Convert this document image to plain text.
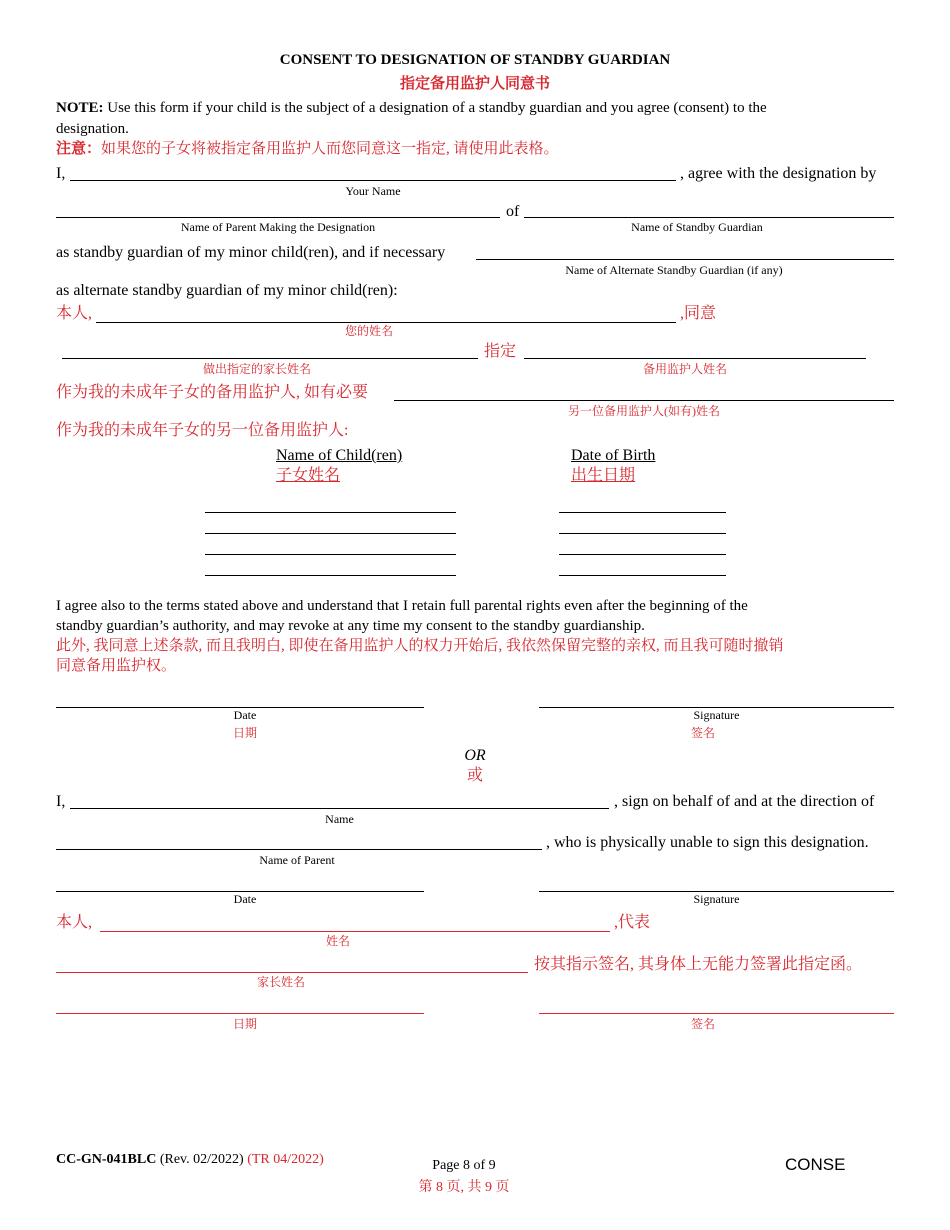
CONSENT TO DESIGNATION OF STANDBY GUARDIAN
指定备用监护人同意书
NOTE: Use this form if your child is the subject of a designation of a standby guardian and you agree (consent) to the
designation.
注意：如果您的子女将被指定备用监护人而您同意这一指定, 请使用此表格。
I,	, agree with the designation by
Your Name
of
Name of Parent Making the Designation	Name of Standby Guardian
as standby guardian of my minor child(ren), and if necessary
Name of Alternate Standby Guardian (if any)
as alternate standby guardian of my minor child(ren):
本人,	,同意
您的姓名
指定
做出指定的家长姓名	备用监护人姓名
作为我的未成年子女的备用监护人, 如有必要
另一位备用监护人(如有)姓名
作为我的未成年子女的另一位备用监护人:
Name of Child(ren)
子女姓名
Date of Birth
出生日期
I agree also to the terms stated above and understand that I retain full parental rights even after the beginning of the
standby guardian’s authority, and may revoke at any time my consent to the standby guardianship.
此外, 我同意上述条款, 而且我明白, 即使在备用监护人的权力开始后, 我依然保留完整的亲权, 而且我可随时撤销
同意备用监护权。
Date
日期
Signature
签名
OR
或
I,	, sign on behalf of and at the direction of
Name
, who is physically unable to sign this designation.
Name of Parent
Date	Signature
本人,	,代表
姓名
按其指示签名, 其身体上无能力签署此指定函。
家长姓名
日期	签名
CC-GN-041BLC (Rev. 02/2022) (TR 04/2022)	Page 8 of 9
第 8 页, 共 9 页
CONSE
